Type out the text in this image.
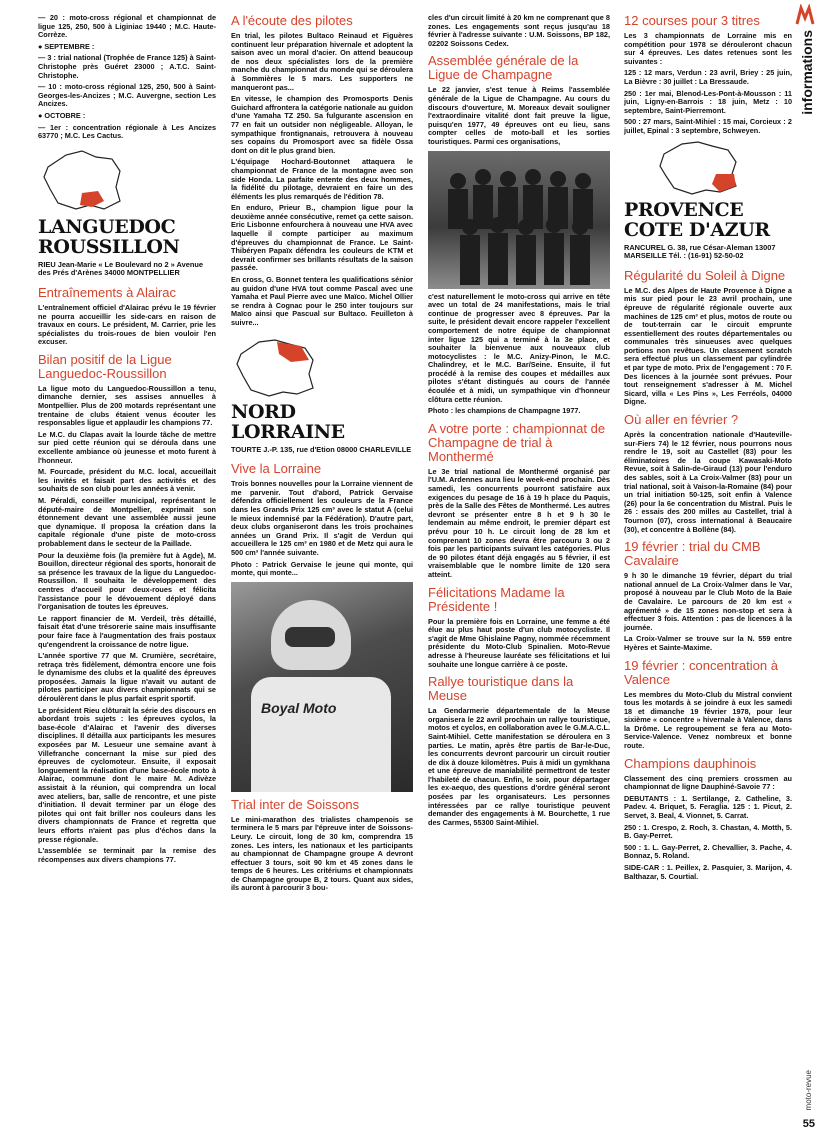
— 20 : moto-cross régional et championnat de ligue 125, 250, 500 à Liginiac 19440 ; M.C. Haute-Corrèze.

● SEPTEMBRE :

— 3 : trial national (Trophée de France 125) à Saint-Christophe près Guéret 23000 ; A.T.C. Saint-Christophe.

— 10 : moto-cross régional 125, 250, 500 à Saint-Georges-les-Ancizes ; M.C. Auvergne, section Les Ancizes.

● OCTOBRE :

— 1er : concentration régionale à Les Ancizes 63770 ; M.C. Les Cactus.

LANGUEDOC ROUSSILLON
RIEU Jean-Marie « Le Boulevard no 2 » Avenue des Prés d'Arènes 34000 MONTPELLIER
Entraînements à Alairac

L'entraînement officiel d'Alairac prévu le 19 février ne pourra accueillir les side-cars en raison de travaux en cours. Le président, M. Carrier, prie les spécialistes du trois-roues de bien vouloir l'en excuser.

Bilan positif de la Ligue Languedoc-Roussillon

La ligue moto du Languedoc-Roussillon a tenu, dimanche dernier, ses assises annuelles à Montpellier. Plus de 200 motards représentant une trentaine de clubs étaient venus écouter les responsables ligue et applaudir les champions 77.

Le M.C. du Clapas avait la lourde tâche de mettre sur pied cette réunion qui se déroula dans une excellente ambiance où jeunesse et moto furent à l'honneur.

M. Fourcade, président du M.C. local, accueillait les invités et faisait part des activités et des souhaits de son club pour les années à venir.

M. Péraldi, conseiller municipal, représentant le député-maire de Montpellier, exprimait son étonnement devant une assemblée aussi jeune que dynamique. Il proposa la création dans la capitale régionale d'une piste de moto-cross probablement dans le secteur de la Paillade.

Pour la deuxième fois (la première fut à Agde), M. Bouillon, directeur régional des sports, honorait de sa présence les travaux de la ligue du Languedoc-Roussillon. Il souhaita le développement des centres d'accueil pour deux-roues et félicita l'assistance pour le dévouement déployé dans l'organisation de toutes les épreuves.

Le rapport financier de M. Verdeil, très détaillé, faisait état d'une trésorerie saine mais insuffisante pour faire face à l'augmentation des frais postaux qu'engendrent la croissance de notre ligue.

L'année sportive 77 que M. Crumière, secrétaire, retraça très fidèlement, démontra encore une fois le dynamisme des clubs et la qualité des épreuves proposées. Jamais la ligue n'avait vu autant de pilotes participer aux divers championnats qui se déroulèrent dans le plus parfait esprit sportif.

Le président Rieu clôturait la série des discours en abordant trois sujets : les épreuves cyclos, la base-école d'Alairac et l'avenir des diverses disciplines. Il détailla aux participants les mesures exposées par M. Lesueur une semaine avant à Villefranche concernant la mise sur pied des épreuves de cyclomoteur. Ensuite, il exposait longuement la réalisation d'une base-école moto à Alairac, commune dont le maire M. Adivèze assistait à la réunion, qui comprendra un local avec ateliers, bar, salle de rencontre, et une piste d'initiation. Il devait terminer par un éloge des pilotes qui ont fait briller nos couleurs dans les divers championnats de France et regretta que leurs efforts n'aient pas plus d'échos dans la presse régionale.

L'assemblée se terminait par la remise des récompenses aux divers champions 77.

A l'écoute des pilotes

En trial, les pilotes Bultaco Reinaud et Figuères continuent leur préparation hivernale et adoptent la saison avec un moral d'acier. On attend beaucoup de nos deux spécialistes lors de la première manche du championnat du monde qui se déroulera à Sommières le 5 mars. Les supporters ne manqueront pas...

En vitesse, le champion des Promosports Denis Guichard affrontera la catégorie nationale au guidon d'une Yamaha TZ 250. Sa fulgurante ascension en 77 en fait un outsider non négligeable. Alloyan, le sympathique frontignanais, retrouvera à nouveau ses copains du Promosport avec sa fidèle Ossa dont on dit le plus grand bien.

L'équipage Hochard-Boutonnet attaquera le championnat de France de la montagne avec son side Honda. La parfaite entente des deux hommes, la fidélité du pilotage, devraient en faire un des éléments les plus remarqués de l'édition 78.

En enduro, Prieur B., champion ligue pour la deuxième année consécutive, remet ça cette saison. Eric Lisbonne enfourchera à nouveau une HVA avec laquelle il compte participer au maximum d'épreuves du championnat de France. Le Saint-Thibéryen Papaïx défendra les couleurs de KTM et devrait confirmer ses brillants résultats de la saison passée.

En cross, G. Bonnet tentera les qualifications sénior au guidon d'une HVA tout comme Pascal avec une Yamaha et Paul Pierre avec une Maïco. Michel Ollier se rendra à Cognac pour le 250 inter toujours sur Maïco ainsi que Pascual sur Bultaco. Feuilleton à suivre...

NORD LORRAINE
TOURTE J.-P. 135, rue d'Etion 08000 CHARLEVILLE
Vive la Lorraine

Trois bonnes nouvelles pour la Lorraine viennent de me parvenir. Tout d'abord, Patrick Gervaise défendra officiellement les couleurs de la France dans les Grands Prix 125 cm³ avec le statut A (celui le mieux indemnisé par la Fédération). D'autre part, deux clubs organiseront dans les trois prochaines années un Grand Prix. Il s'agit de Verdun qui accueillera le 125 cm³ en 1980 et de Metz qui aura le 500 cm³ l'année suivante.

Photo : Patrick Gervaise le jeune qui monte, qui monte, qui monte...

Boyal Moto
Trial inter de Soissons

Le mini-marathon des trialistes champenois se terminera le 5 mars par l'épreuve inter de Soissons-Leury. Le circuit, long de 30 km, comprendra 15 zones. Les inters, les nationaux et les participants au championnat de Champagne groupe A devront effectuer 3 tours, soit 90 km et 45 zones dans le temps de 6 heures. Les critériums et championnats de Champagne groupe B, 2 tours. Quant aux sides, ils auront à parcourir 3 bou-

cles d'un circuit limité à 20 km ne comprenant que 8 zones. Les engagements sont reçus jusqu'au 18 février à l'adresse suivante : U.M. Soissons, BP 182, 02202 Soissons Cedex.

Assemblée générale de la Ligue de Champagne

Le 22 janvier, s'est tenue à Reims l'assemblée générale de la Ligue de Champagne. Au cours du discours d'ouverture, M. Moreaux devait souligner l'extraordinaire vitalité dont fait preuve la ligue, puisqu'en 1977, 49 épreuves ont eu lieu, sans compter celles de moto-ball et les sorties touristiques. Parmi ces organisations,

c'est naturellement le moto-cross qui arrive en tête avec un total de 24 manifestations, mais le trial continue de progresser avec 8 épreuves. Par la suite, le président devait encore rappeler l'excellent comportement de notre équipe de championnat inter ligue 125 qui a terminé à la 3e place, et souhaiter la bienvenue aux nouveaux club motocyclistes : le M.C. Anizy-Pinon, le M.C. Chalindrey, et le M.C. Bar/Seine. Ensuite, il fut procédé à la remise des coupes et médailles aux pilotes s'étant distingués au cours de l'année écoulée et à midi, un sympathique vin d'honneur clôtura cette réunion.

Photo : les champions de Champagne 1977.

A votre porte : championnat de Champagne de trial à Monthermé

Le 3e trial national de Monthermé organisé par l'U.M. Ardennes aura lieu le week-end prochain. Dès samedi, les concurrents pourront satisfaire aux exigences du pesage de 16 à 19 h place du Paquis, près de la Salle des Fêtes de Monthermé. Les autres devront se présenter entre 8 h et 9 h 30 le lendemain au même endroit, le premier départ est prévu pour 10 h. Le circuit long de 28 km et comprenant 10 zones devra être parcouru 3 ou 2 fois par les participants suivant les catégories. Plus de 90 pilotes étant déjà engagés au 5 février, il est vraisemblable que le nombre limite de 120 sera atteint.

Félicitations Madame la Présidente !

Pour la première fois en Lorraine, une femme a été élue au plus haut poste d'un club motocycliste. Il s'agit de Mme Ghislaine Pagny, nommée récemment présidente du Moto-Club Spinalien. Moto-Revue adresse à l'heureuse lauréate ses félicitations et lui souhaite une longue carrière à ce poste.

Rallye touristique dans la Meuse

La Gendarmerie départementale de la Meuse organisera le 22 avril prochain un rallye touristique, motos et cyclos, en collaboration avec le G.M.A.C.L. Saint-Mihiel. Cette manifestation se déroulera en 3 parties. Le matin, après être partis de Bar-le-Duc, les concurrents devront parcourir un circuit routier de dix à douze kilomètres. Puis à midi un gymkhana et une épreuve de maniabilité permettront de tester l'habileté de chacun. Enfin, le soir, pour départager les ex-aequo, des questions d'ordre général seront posées par les organisateurs. Les personnes intéressées par ce rallye touristique peuvent demander des engagements à M. Bourchette, 1 rue des Carmes, 55300 Saint-Mihiel.

12 courses pour 3 titres

Les 3 championnats de Lorraine mis en compétition pour 1978 se dérouleront chacun sur 4 épreuves. Les dates retenues sont les suivantes :

125 : 12 mars, Verdun : 23 avril, Briey : 25 juin, La Bièvre : 30 juillet : La Bressaude.

250 : 1er mai, Blenod-Les-Pont-à-Mousson : 11 juin, Ligny-en-Barrois : 18 juin, Metz : 10 septembre, Saint-Pierremont.

500 : 27 mars, Saint-Mihiel : 15 mai, Corcieux : 2 juillet, Epinal : 3 septembre, Schweyen.

PROVENCE COTE D'AZUR
RANCUREL G. 38, rue César-Aleman 13007 MARSEILLE Tél. : (16-91) 52-50-02
Régularité du Soleil à Digne

Le M.C. des Alpes de Haute Provence à Digne a mis sur pied pour le 23 avril prochain, une épreuve de régularité régionale ouverte aux machines de 125 cm³ et plus, motos de route ou de tout-terrain car le circuit emprunte essentiellement des routes départementales ou communales très sinueuses avec quelques portions non revêtues. Un classement scratch sera effectué plus un classement par cylindrée et par type de moto. Prix de l'engagement : 70 F. Des licences à la journée sont prévues. Pour tout renseignement s'adresser à M. Michel Sicard, villa « Les Pins », Les Ferréols, 04000 Digne.

Où aller en février ?

Après la concentration nationale d'Hauteville-sur-Fiers 74) le 12 février, nous pourrons nous rendre le 19, soit au Castellet (83) pour les éliminatoires de la coupe Kawasaki-Moto Revue, soit à Salin-de-Giraud (13) pour l'enduro des sables, soit à La Croix-Valmer (83) pour un trial national, soit à Vaison-la-Romaine (84) pour un trial initiation 50-125, soit enfin à Valence (26) pour la 6e concentration du Mistral. Puis le 26 : essais des 200 milles au Castellet, trial à Tournon (07), cross international à Beaucaire (30), et concentre à Bollène (84).

19 février : trial du CMB Cavalaire

9 h 30 le dimanche 19 février, départ du trial national annuel de La Croix-Valmer dans le Var, proposé à nouveau par le Club Moto de la Baie de Cavalaire. Le parcours de 20 km est « agrémenté » de 15 zones non-stop et sera à effectuer 3 fois. Attention : pas de licences à la journée.

La Croix-Valmer se trouve sur la N. 559 entre Hyères et Sainte-Maxime.

19 février : concentration à Valence

Les membres du Moto-Club du Mistral convient tous les motards à se joindre à eux les samedi 18 et dimanche 19 février 1978, pour leur sixième « concentre » hivernale à Valence, dans la Drôme. Le regroupement se fera au Moto-Service-Valence. Venez nombreux et bonne route.

Champions dauphinois

Classement des cinq premiers crossmen au championnat de ligne Dauphiné-Savoie 77 :

DEBUTANTS : 1. Sertilange, 2. Catheline, 3. Padev. 4. Briquet, 5. Feraglia. 125 : 1. Picut, 2. Servet, 3. Beal, 4. Vionnet, 5. Carrat.

250 : 1. Crespo, 2. Roch, 3. Chastan, 4. Motth, 5. B. Gay-Perret.

500 : 1. L. Gay-Perret, 2. Chevallier, 3. Pache, 4. Bonnaz, 5. Roland.

SIDE-CAR : 1. Peillex, 2. Pasquier, 3. Marijon, 4. Balthazar, 5. Courtial.

informations
moto-revue
55
